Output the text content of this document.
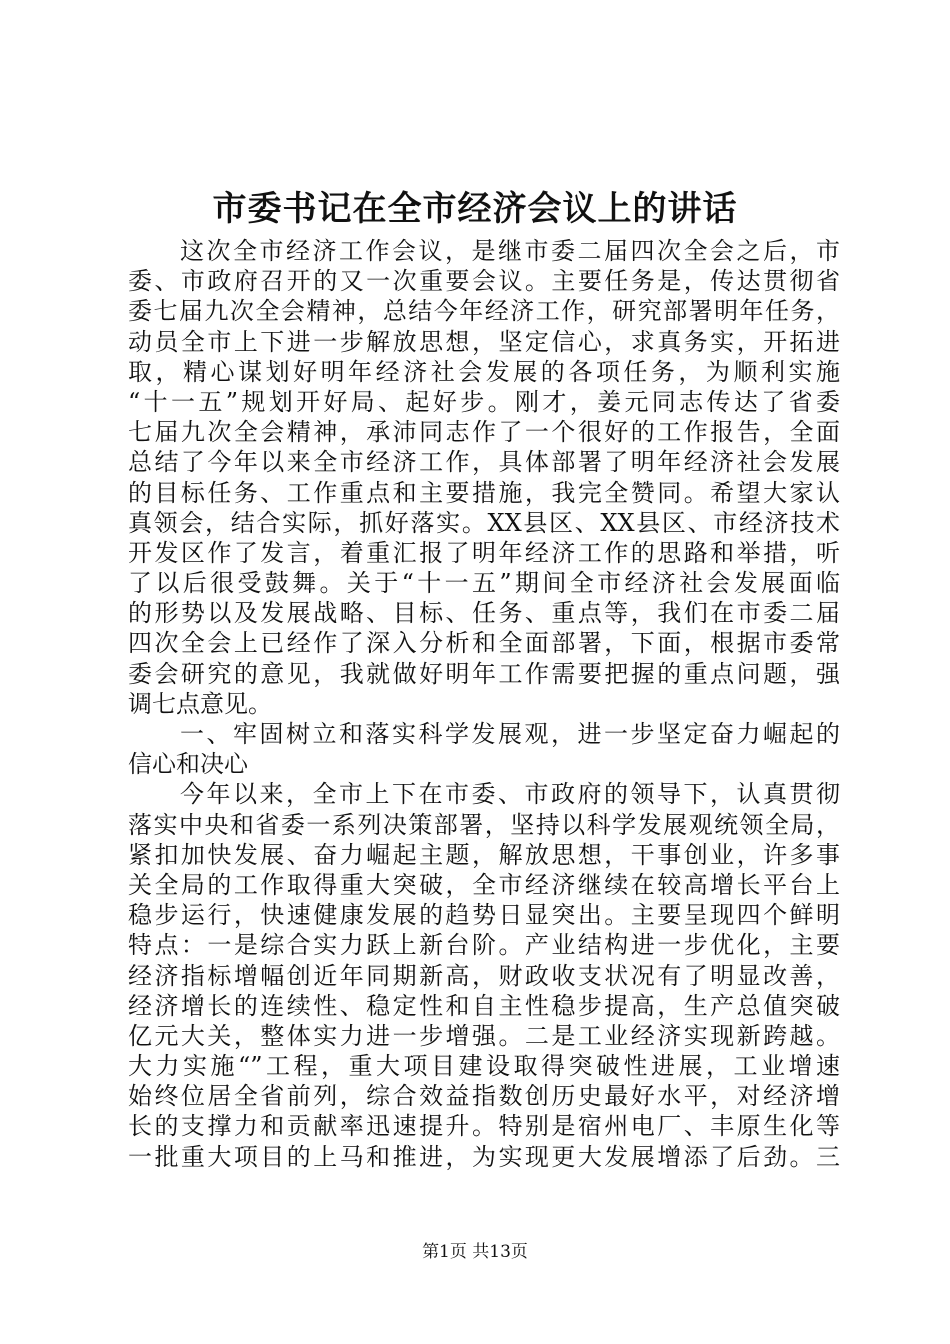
市委书记在全市经济会议上的讲话
这次全市经济工作会议，是继市委二届四次全会之后，市
委、市政府召开的又一次重要会议。主要任务是，传达贯彻省
委七届九次全会精神，总结今年经济工作，研究部署明年任务，
动员全市上下进一步解放思想，坚定信心，求真务实，开拓进
取，精心谋划好明年经济社会发展的各项任务，为顺利实施
“十一五”规划开好局、起好步。刚才，姜元同志传达了省委
七届九次全会精神，承沛同志作了一个很好的工作报告，全面
总结了今年以来全市经济工作，具体部署了明年经济社会发展
的目标任务、工作重点和主要措施，我完全赞同。希望大家认
真领会，结合实际，抓好落实。XX县区、XX县区、市经济技术
开发区作了发言，着重汇报了明年经济工作的思路和举措，听
了以后很受鼓舞。关于“十一五”期间全市经济社会发展面临
的形势以及发展战略、目标、任务、重点等，我们在市委二届
四次全会上已经作了深入分析和全面部署，下面，根据市委常
委会研究的意见，我就做好明年工作需要把握的重点问题，强
调七点意见。
一、牢固树立和落实科学发展观，进一步坚定奋力崛起的
信心和决心
今年以来，全市上下在市委、市政府的领导下，认真贯彻
落实中央和省委一系列决策部署，坚持以科学发展观统领全局，
紧扣加快发展、奋力崛起主题，解放思想，干事创业，许多事
关全局的工作取得重大突破，全市经济继续在较高增长平台上
稳步运行，快速健康发展的趋势日显突出。主要呈现四个鲜明
特点：一是综合实力跃上新台阶。产业结构进一步优化，主要
经济指标增幅创近年同期新高，财政收支状况有了明显改善，
经济增长的连续性、稳定性和自主性稳步提高，生产总值突破
亿元大关，整体实力进一步增强。二是工业经济实现新跨越。
大力实施“”工程，重大项目建设取得突破性进展，工业增速
始终位居全省前列，综合效益指数创历史最好水平，对经济增
长的支撑力和贡献率迅速提升。特别是宿州电厂、丰原生化等
一批重大项目的上马和推进，为实现更大发展增添了后劲。三
第1页 共13页
